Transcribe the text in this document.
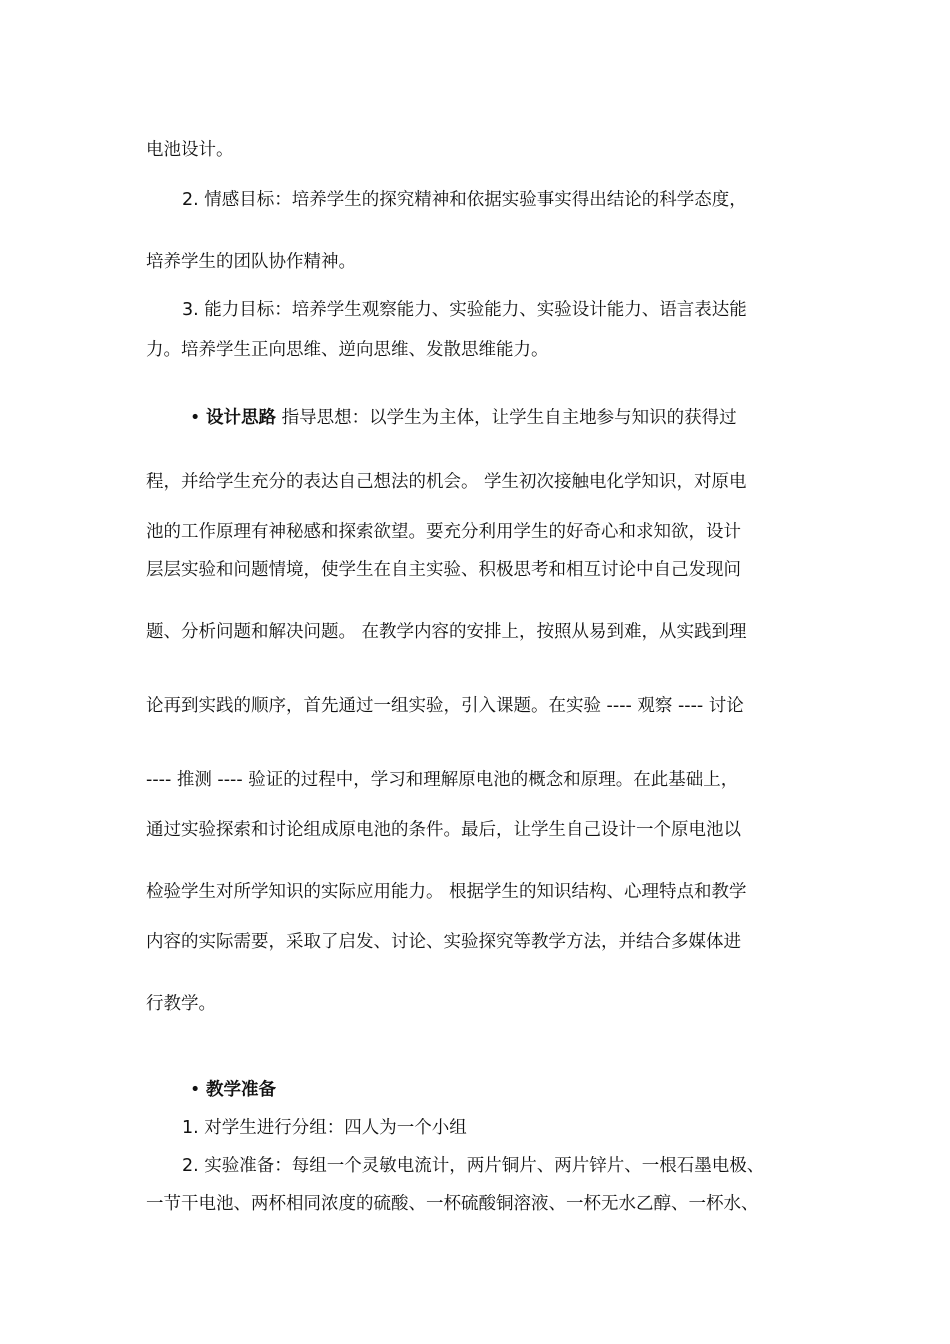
电池设计。
2. 情感目标：培养学生的探究精神和依据实验事实得出结论的科学态度，
培养学生的团队协作精神。
3. 能力目标：培养学生观察能力、实验能力、实验设计能力、语言表达能
力。培养学生正向思维、逆向思维、发散思维能力。
• 设计思路 指导思想：以学生为主体，让学生自主地参与知识的获得过
程，并给学生充分的表达自己想法的机会。 学生初次接触电化学知识，对原电
池的工作原理有神秘感和探索欲望。要充分利用学生的好奇心和求知欲，设计
层层实验和问题情境，使学生在自主实验、积极思考和相互讨论中自己发现问
题、分析问题和解决问题。 在教学内容的安排上，按照从易到难，从实践到理
论再到实践的顺序，首先通过一组实验，引入课题。在实验 ---- 观察 ---- 讨论
---- 推测 ---- 验证的过程中，学习和理解原电池的概念和原理。在此基础上，
通过实验探索和讨论组成原电池的条件。最后，让学生自己设计一个原电池以
检验学生对所学知识的实际应用能力。 根据学生的知识结构、心理特点和教学
内容的实际需要，采取了启发、讨论、实验探究等教学方法，并结合多媒体进
行教学。
• 教学准备
1. 对学生进行分组：四人为一个小组
2. 实验准备：每组一个灵敏电流计，两片铜片、两片锌片、一根石墨电极、
一节干电池、两杯相同浓度的硫酸、一杯硫酸铜溶液、一杯无水乙醇、一杯水、
